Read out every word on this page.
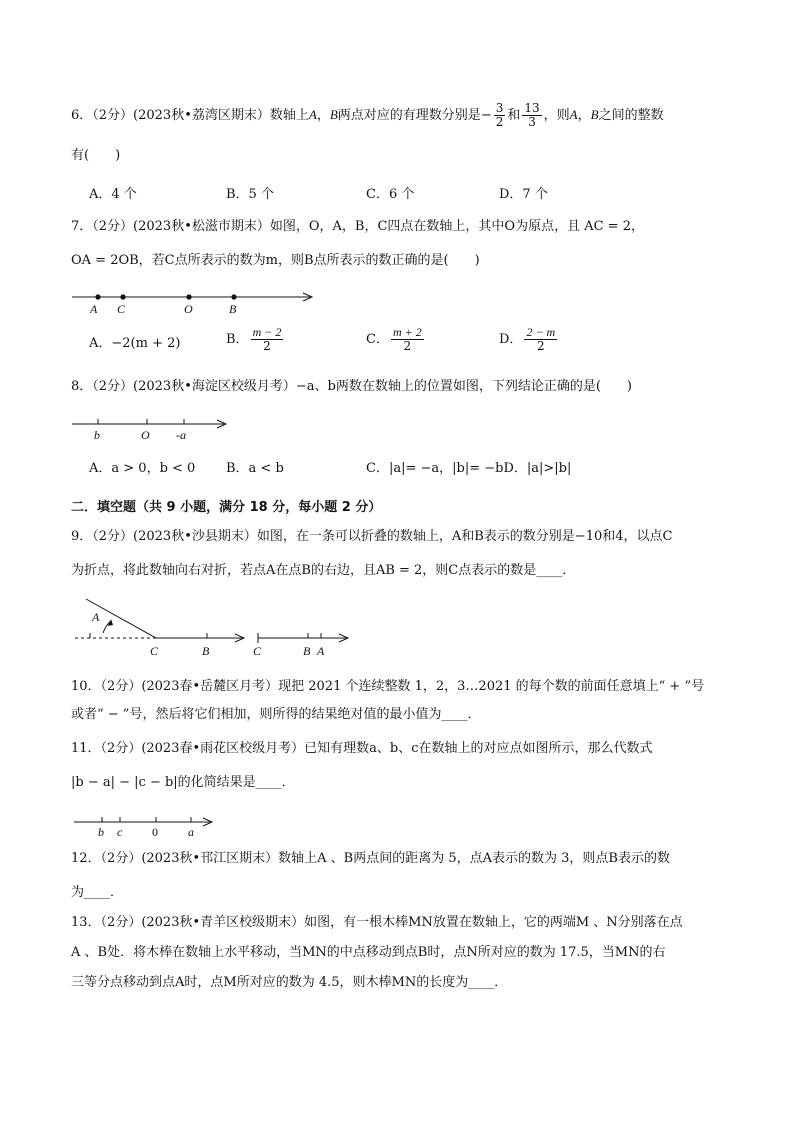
6．（2分）(2023秋•荔湾区期末）数轴上A，B两点对应的有理数分别是− $\frac{3}{2}$ 和 $\frac{13}{3}$ ，则A，B之间的整数
有(　　)
A．4 个	B．5 个	C．6 个	D．7 个
7．（2分）(2023秋•松滋市期末）如图，O，A，B，C四点在数轴上，其中O为原点，且 AC = 2，
OA = 2OB，若C点所表示的数为m，则B点所表示的数正确的是(　　)
A C	O	B
A．−2(m + 2)	B． $\frac{m - 2}{2}$	C． $\frac{m + 2}{2}$	D． $\frac{2 - m}{2}$
8．（2分）(2023秋•海淀区校级月考）−a、b两数在数轴上的位置如图，下列结论正确的是(　　)
b	O -a
A．a > 0，b < 0 B．a < b	C．|a|= −a，|b|= −bD．|a|>|b|
二．填空题（共 9 小题，满分 18 分，每小题 2 分）
9．（2分）(2023秋•沙县期末）如图，在一条可以折叠的数轴上，A和B表示的数分别是−10和4，以点C
为折点，将此数轴向右对折，若点A在点B的右边，且AB = 2，则C点表示的数是____．
A
C	B	C	B A
10．（2分）(2023春•岳麓区月考）现把 2021 个连续整数 1，2，3…2021 的每个数的前面任意填上“ + ”号
或者“ − ”号，然后将它们相加，则所得的结果绝对值的最小值为____．
11．（2分）(2023春•雨花区校级月考）已知有理数a、b、c在数轴上的对应点如图所示，那么代数式
|b − a| − |c − b|的化简结果是____．
b c 0	a
12．（2分）(2023秋•邗江区期末）数轴上A 、B两点间的距离为 5，点A表示的数为 3，则点B表示的数
为____．
13．（2分）(2023秋•青羊区校级期末）如图，有一根木棒MN放置在数轴上，它的两端M 、N分别落在点
A 、B处．将木棒在数轴上水平移动，当MN的中点移动到点B时，点N所对应的数为 17.5，当MN的右
三等分点移动到点A时，点M所对应的数为 4.5，则木棒MN的长度为____．
